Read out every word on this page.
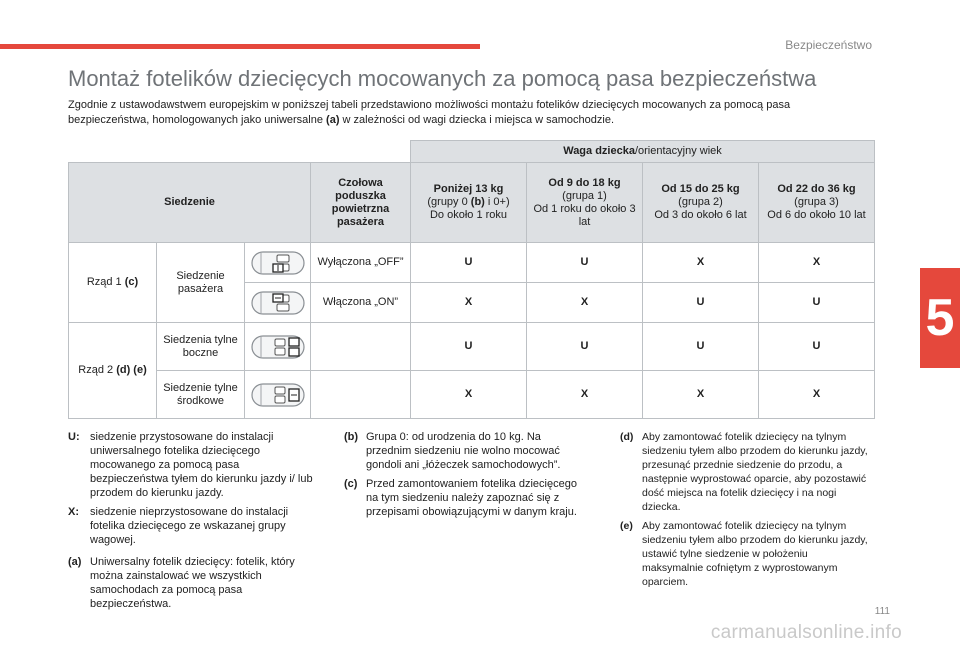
Bezpieczeństwo
5
Montaż fotelików dziecięcych mocowanych za pomocą pasa bezpieczeństwa
Zgodnie z ustawodawstwem europejskim w poniższej tabeli przedstawiono możliwości montażu fotelików dziecięcych mocowanych za pomocą pasa bezpieczeństwa, homologowanych jako uniwersalne (a) w zależności od wagi dziecka i miejsca w samochodzie.
				Waga dziecka/orientacyjny wiek			
Siedzenie			Czołowa poduszka powietrzna pasażera	Poniżej 13 kg
(grupy 0 (b) i 0+)
Do około 1 roku	Od 9 do 18 kg
(grupa 1)
Od 1 roku do około 3 lat	Od 15 do 25 kg
(grupa 2)
Od 3 do około 6 lat	Od 22 do 36 kg
(grupa 3)
Od 6 do około 10 lat
Rząd 1 (c)	Siedzenie pasażera		Wyłączona „OFF”	U	U	X	X

	Włączona „ON”	X	X	U	U
Rząd 2 (d) (e)	Siedzenia tylne boczne			U	U	U	U
	Siedzenie tylne środkowe			X	X	X	X
U: siedzenie przystosowane do instalacji uniwersalnego fotelika dziecięcego mocowanego za pomocą pasa bezpieczeństwa tyłem do kierunku jazdy i/ lub przodem do kierunku jazdy.
X:	siedzenie nieprzystosowane do instalacji fotelika dziecięcego ze wskazanej grupy wagowej.
(a) Uniwersalny fotelik dziecięcy: fotelik, który można zainstalować we wszystkich samochodach za pomocą pasa bezpieczeństwa.
(b) Grupa 0: od urodzenia do 10 kg. Na przednim siedzeniu nie wolno mocować gondoli ani „łóżeczek samochodowych”.
(c) Przed zamontowaniem fotelika dziecięcego na tym siedzeniu należy zapoznać się z przepisami obowiązującymi w danym kraju.
(d) Aby zamontować fotelik dziecięcy na tylnym siedzeniu tyłem albo przodem do kierunku jazdy, przesunąć przednie siedzenie do przodu, a następnie wyprostować oparcie, aby pozostawić dość miejsca na fotelik dziecięcy i na nogi dziecka.
(e) Aby zamontować fotelik dziecięcy na tylnym siedzeniu tyłem albo przodem do kierunku jazdy, ustawić tylne siedzenie w położeniu maksymalnie cofniętym z wyprostowanym oparciem.
111
carmanualsonline.info
